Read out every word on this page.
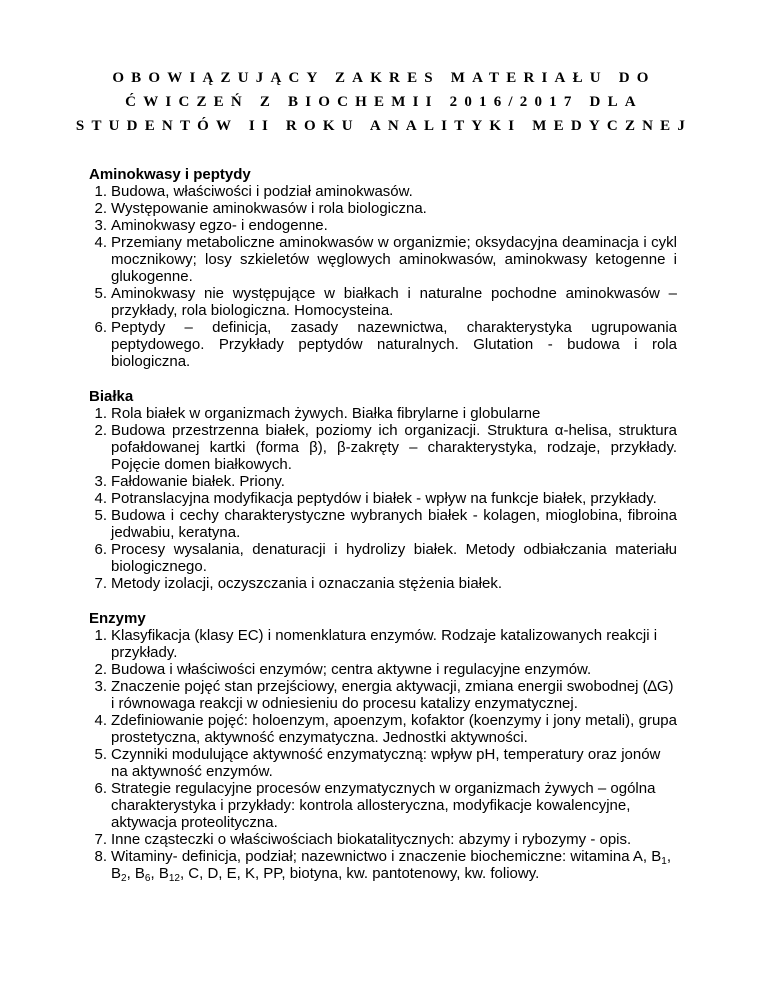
OBOWIĄZUJĄCY ZAKRES MATERIAŁU DO
ĆWICZEŃ Z BIOCHEMII 2016/2017 DLA
STUDENTÓW II ROKU ANALITYKI MEDYCZNEJ
Aminokwasy i peptydy
1. Budowa, właściwości i podział aminokwasów.
2. Występowanie aminokwasów i rola biologiczna.
3. Aminokwasy egzo- i endogenne.
4. Przemiany metaboliczne aminokwasów w organizmie; oksydacyjna deaminacja i cykl mocznikowy; losy szkieletów węglowych aminokwasów, aminokwasy ketogenne i glukogenne.
5. Aminokwasy nie występujące w białkach i naturalne pochodne aminokwasów – przykłady, rola biologiczna. Homocysteina.
6. Peptydy – definicja, zasady nazewnictwa, charakterystyka ugrupowania peptydowego. Przykłady peptydów naturalnych. Glutation - budowa i rola biologiczna.
Białka
1. Rola białek w organizmach żywych. Białka fibrylarne i globularne
2. Budowa przestrzenna białek, poziomy ich organizacji. Struktura α-helisa, struktura pofałdowanej kartki (forma β), β-zakręty – charakterystyka, rodzaje, przykłady. Pojęcie domen białkowych.
3. Fałdowanie białek. Priony.
4. Potranslacyjna modyfikacja peptydów i białek - wpływ na funkcje białek, przykłady.
5. Budowa i cechy charakterystyczne wybranych białek - kolagen, mioglobina, fibroina jedwabiu, keratyna.
6. Procesy wysalania, denaturacji i hydrolizy białek. Metody odbiałczania materiału biologicznego.
7. Metody izolacji, oczyszczania i oznaczania stężenia białek.
Enzymy
1. Klasyfikacja (klasy EC) i nomenklatura enzymów. Rodzaje katalizowanych reakcji i przykłady.
2. Budowa i właściwości enzymów; centra aktywne i regulacyjne enzymów.
3. Znaczenie pojęć stan przejściowy, energia aktywacji, zmiana energii swobodnej (∆G) i równowaga reakcji w odniesieniu do procesu katalizy enzymatycznej.
4. Zdefiniowanie pojęć: holoenzym, apoenzym, kofaktor (koenzymy i jony metali), grupa prostetyczna, aktywność enzymatyczna. Jednostki aktywności.
5. Czynniki modulujące aktywność enzymatyczną: wpływ pH, temperatury oraz jonów na aktywność enzymów.
6. Strategie regulacyjne procesów enzymatycznych w organizmach żywych – ogólna charakterystyka i przykłady: kontrola allosteryczna, modyfikacje kowalencyjne, aktywacja proteolityczna.
7. Inne cząsteczki o właściwościach biokatalitycznych: abzymy i rybozymy - opis.
8. Witaminy- definicja, podział; nazewnictwo i znaczenie biochemiczne: witamina A, $B_1$, $B_2$, $B_6$, $B_{12}$, C, D, E, K, PP, biotyna, kw. pantotenowy, kw. foliowy.
